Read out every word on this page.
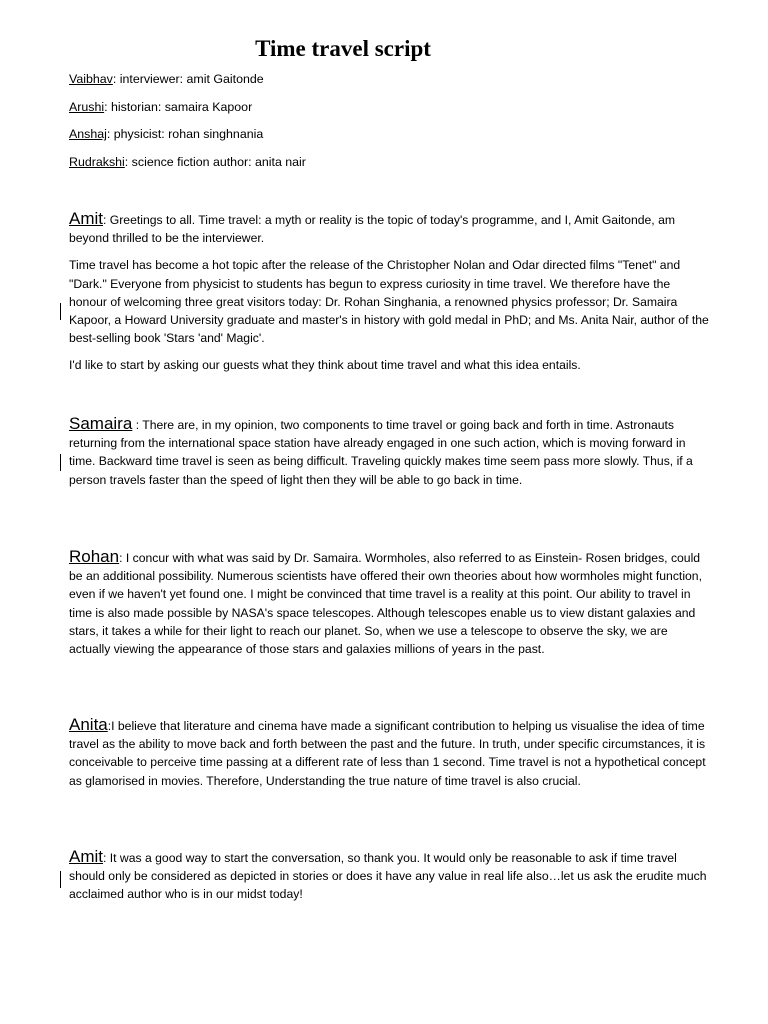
Time travel script
Vaibhav: interviewer: amit Gaitonde
Arushi: historian: samaira Kapoor
Anshaj: physicist: rohan singhnania
Rudrakshi: science fiction author: anita nair

Amit: Greetings to all. Time travel: a myth or reality is the topic of today's programme, and I, Amit Gaitonde, am beyond thrilled to be the interviewer.

Time travel has become a hot topic after the release of the Christopher Nolan and Odar directed films "Tenet" and "Dark." Everyone from physicist to students has begun to express curiosity in time travel. We therefore have the honour of welcoming three great visitors today: Dr. Rohan Singhania, a renowned physics professor; Dr. Samaira Kapoor, a Howard University graduate and master's in history with gold medal in PhD; and Ms. Anita Nair, author of the best-selling book 'Stars 'and' Magic'.

I'd like to start by asking our guests what they think about time travel and what this idea entails.

Samaira : There are, in my opinion, two components to time travel or going back and forth in time. Astronauts returning from the international space station have already engaged in one such action, which is moving forward in time. Backward time travel is seen as being difficult. Traveling quickly makes time seem pass more slowly. Thus, if a person travels faster than the speed of light then they will be able to go back in time.

Rohan: I concur with what was said by Dr. Samaira. Wormholes, also referred to as Einstein- Rosen bridges, could be an additional possibility. Numerous scientists have offered their own theories about how wormholes might function, even if we haven't yet found one. I might be convinced that time travel is a reality at this point. Our ability to travel in time is also made possible by NASA's space telescopes. Although telescopes enable us to view distant galaxies and stars, it takes a while for their light to reach our planet. So, when we use a telescope to observe the sky, we are actually viewing the appearance of those stars and galaxies millions of years in the past.

Anita:I believe that literature and cinema have made a significant contribution to helping us visualise the idea of time travel as the ability to move back and forth between the past and the future. In truth, under specific circumstances, it is conceivable to perceive time passing at a different rate of less than 1 second. Time travel is not a hypothetical concept as glamorised in movies. Therefore, Understanding the true nature of time travel is also crucial.

Amit: It was a good way to start the conversation, so thank you. It would only be reasonable to ask if time travel should only be considered as depicted in stories or does it have any value in real life also…let us ask the erudite much acclaimed author who is in our midst today!
